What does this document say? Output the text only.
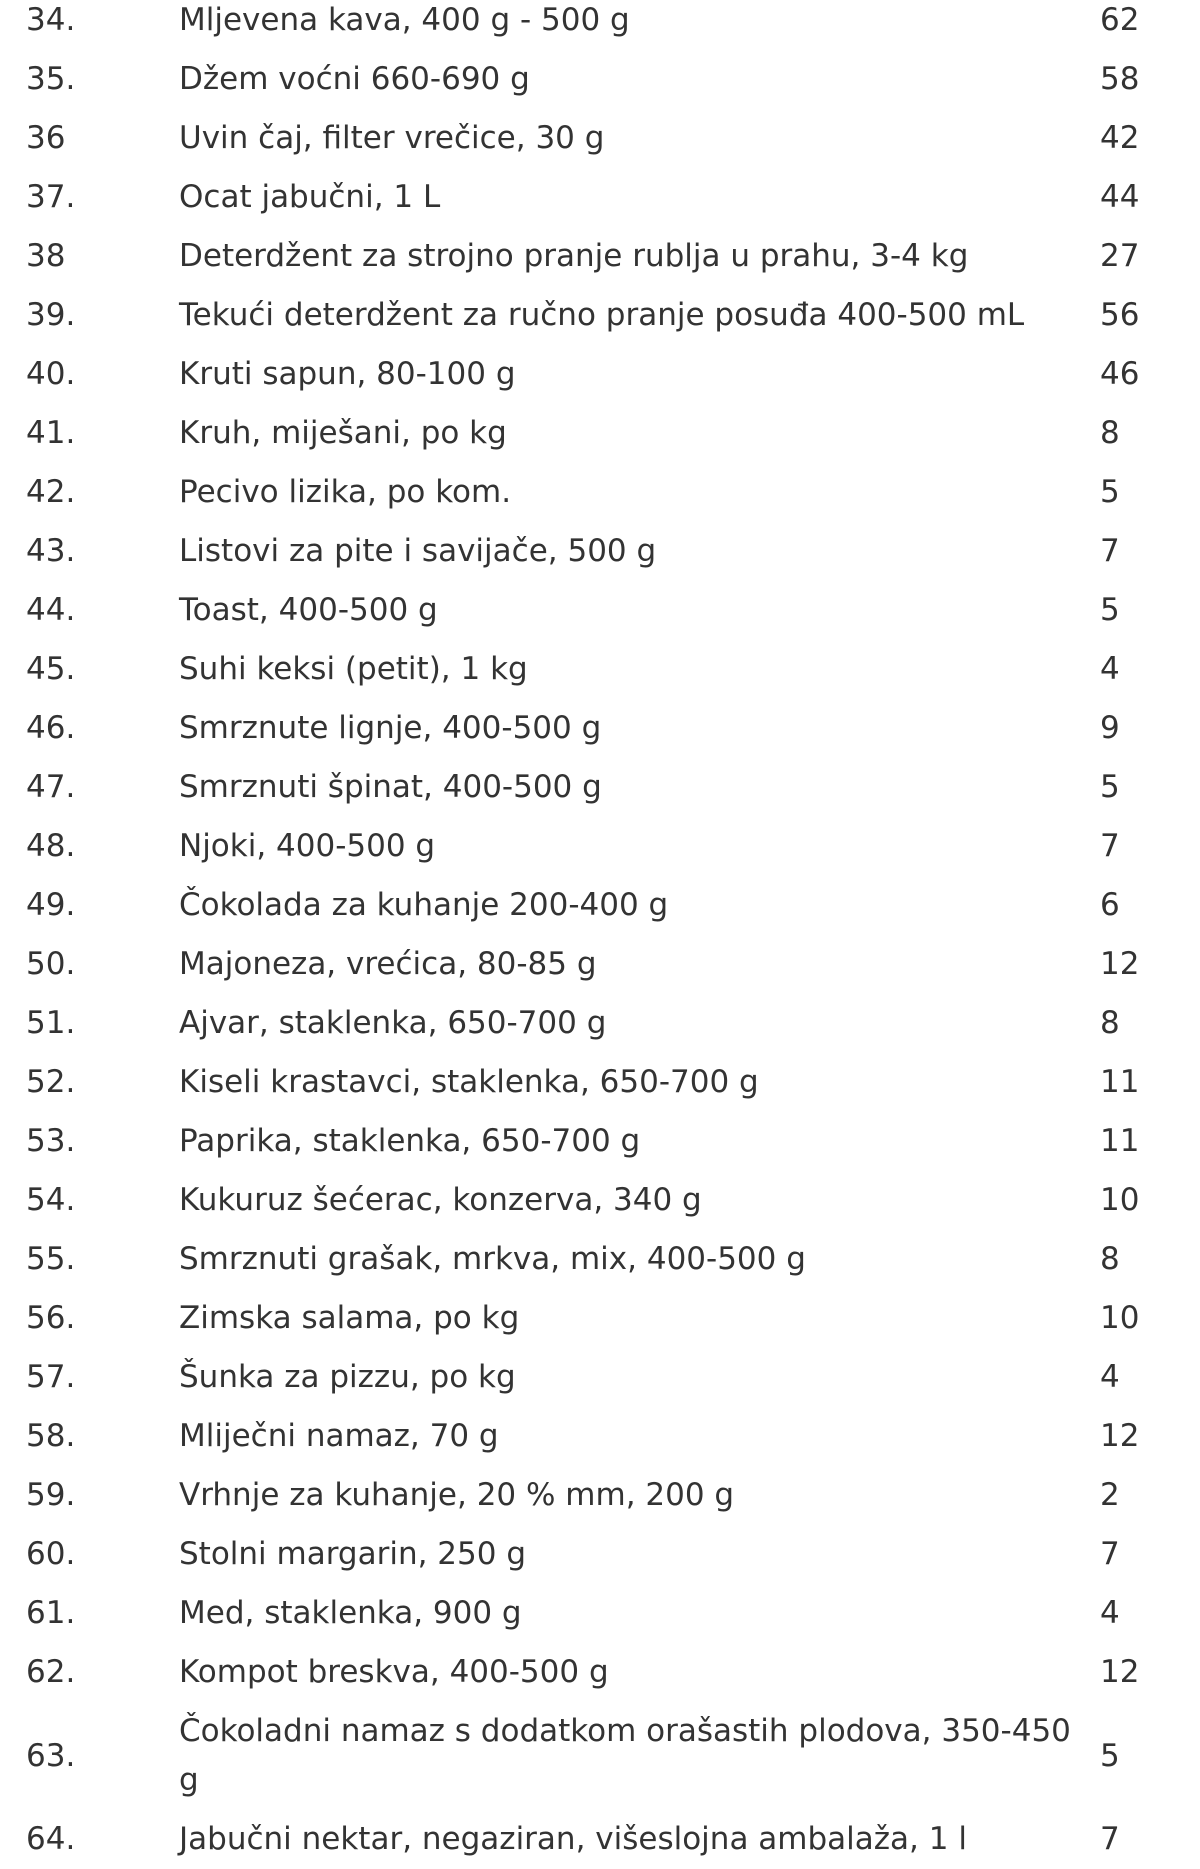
34.	Mljevena kava, 400 g - 500 g	62
35.	Džem voćni 660-690 g	58
36	Uvin čaj, filter vrečice, 30 g	42
37.	Ocat jabučni, 1 L	44
38	Deterdžent za strojno pranje rublja u prahu, 3-4 kg	27
39.	Tekući deterdžent za ručno pranje posuđa 400-500 mL	56
40.	Kruti sapun, 80-100 g	46
41.	Kruh, miješani, po kg	8
42.	Pecivo lizika, po kom.	5
43.	Listovi za pite i savijače, 500 g	7
44.	Toast, 400-500 g	5
45.	Suhi keksi (petit), 1 kg	4
46.	Smrznute lignje, 400-500 g	9
47.	Smrznuti špinat, 400-500 g	5
48.	Njoki, 400-500 g	7
49.	Čokolada za kuhanje 200-400 g	6
50.	Majoneza, vrećica, 80-85 g	12
51.	Ajvar, staklenka, 650-700 g	8
52.	Kiseli krastavci, staklenka, 650-700 g	11
53.	Paprika, staklenka, 650-700 g	11
54.	Kukuruz šećerac, konzerva, 340 g	10
55.	Smrznuti grašak, mrkva, mix, 400-500 g	8
56.	Zimska salama, po kg	10
57.	Šunka za pizzu, po kg	4
58.	Mliječni namaz, 70 g	12
59.	Vrhnje za kuhanje, 20 % mm, 200 g	2
60.	Stolni margarin, 250 g	7
61.	Med, staklenka, 900 g	4
62.	Kompot breskva, 400-500 g	12
63.	Čokoladni namaz s dodatkom orašastih plodova, 350-450 g	5
64.	Jabučni nektar, negaziran, višeslojna ambalaža, 1 l	7
